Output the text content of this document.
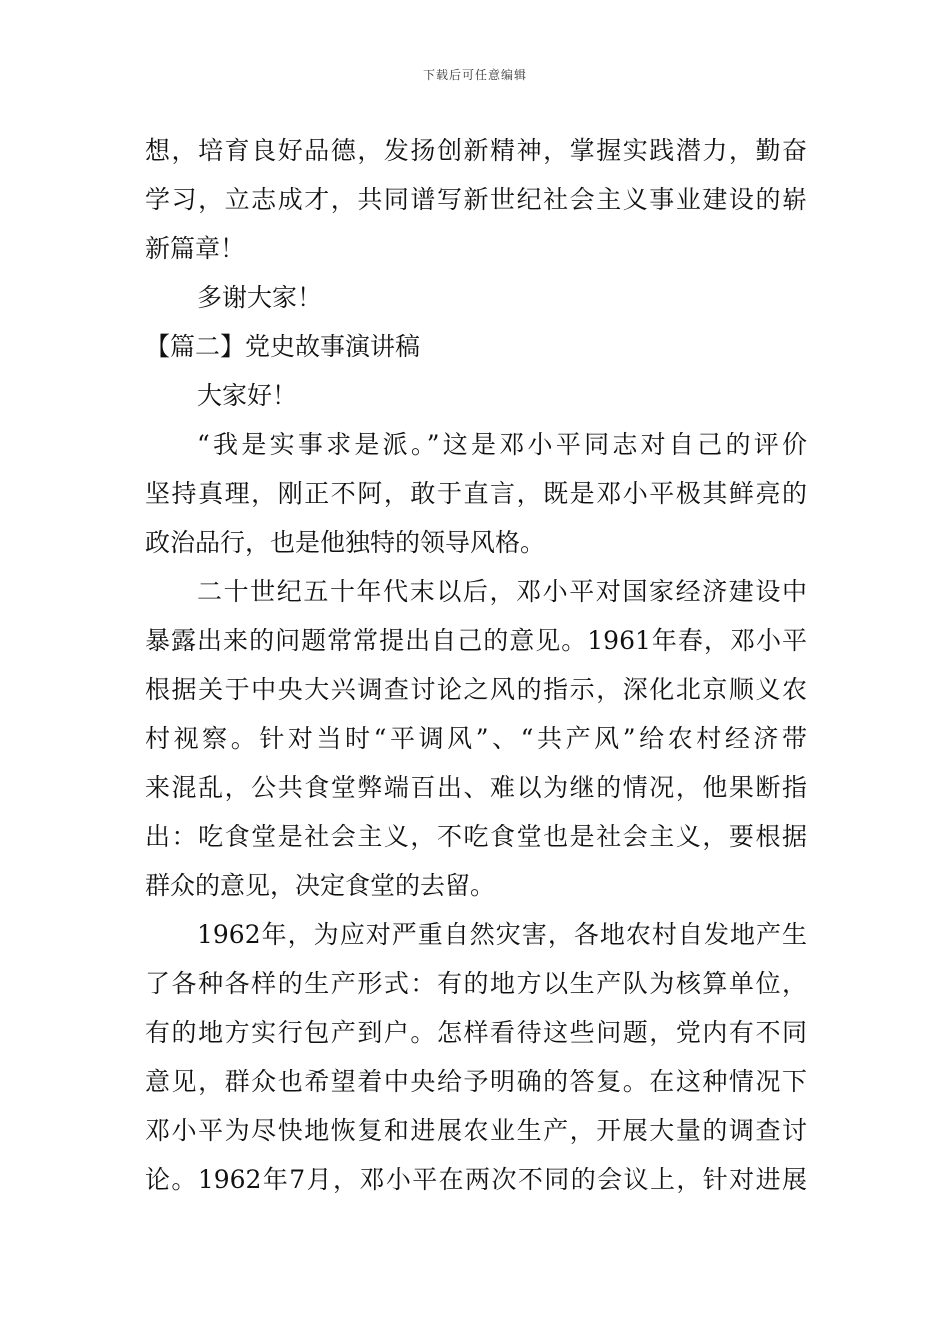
下载后可任意编辑
想，培育良好品德，发扬创新精神，掌握实践潜力，勤奋
学习，立志成才，共同谱写新世纪社会主义事业建设的崭
新篇章！
多谢大家！
【篇二】党史故事演讲稿
大家好！
“我是实事求是派。”这是邓小平同志对自己的评价
坚持真理，刚正不阿，敢于直言，既是邓小平极其鲜亮的
政治品行，也是他独特的领导风格。
二十世纪五十年代末以后，邓小平对国家经济建设中
暴露出来的问题常常提出自己的意见。1961年春，邓小平
根据关于中央大兴调查讨论之风的指示，深化北京顺义农
村视察。针对当时“平调风”、“共产风”给农村经济带
来混乱，公共食堂弊端百出、难以为继的情况，他果断指
出：吃食堂是社会主义，不吃食堂也是社会主义，要根据
群众的意见，决定食堂的去留。
1962年，为应对严重自然灾害，各地农村自发地产生
了各种各样的生产形式：有的地方以生产队为核算单位，
有的地方实行包产到户。怎样看待这些问题，党内有不同
意见，群众也希望着中央给予明确的答复。在这种情况下
邓小平为尽快地恢复和进展农业生产，开展大量的调查讨
论。1962年7月，邓小平在两次不同的会议上，针对进展
